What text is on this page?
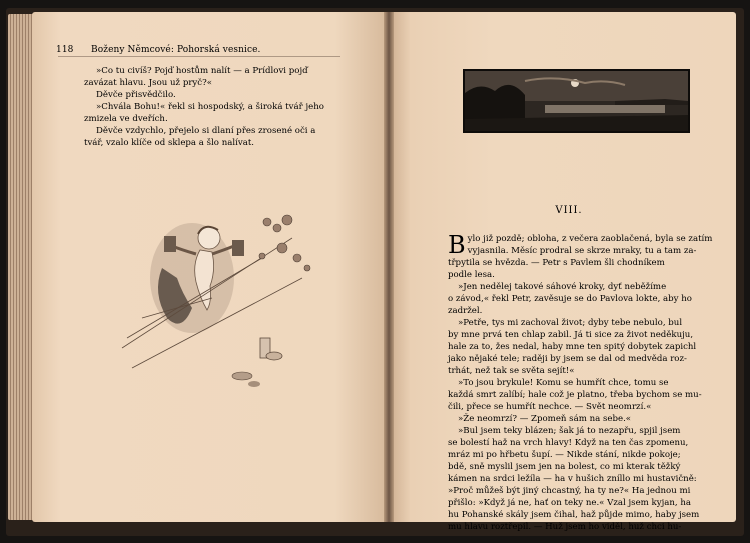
118 Boženy Němcové: Pohorská vesnice.
»Co tu civíš? Pojď hostům nalít — a Prídlovi pojď
zavázat hlavu. Jsou už pryč?«
Děvče přisvědčilo.
»Chvála Bohu!« řekl si hospodský, a široká tvář jeho
zmizela ve dveřích.
Děvče vzdychlo, přejelo si dlaní přes zrosené oči a
tvář, vzalo klíče od sklepa a šlo nalívat.
VIII.
B ylo již pozdě; obloha, z večera zaoblačená, byla se zatím
vyjasnila. Měsíc prodral se skrze mraky, tu a tam za-
třpytila se hvězda. — Petr s Pavlem šli chodníkem
podle lesa.
»Jen nedělej takové sáhové kroky, dyť neběžíme
o závod,« řekl Petr, zavěsuje se do Pavlova lokte, aby ho
zadržel.
»Petře, tys mi zachoval život; dyby tebe nebulo, bul
by mne prvá ten chlap zabil. Já ti sice za život neděkuju,
hale za to, žes nedal, haby mne ten spitý dobytek zapichl
jako nějaké tele; raději by jsem se dal od medvěda roz-
trhát, než tak se světa sejít!«
»To jsou brykule! Komu se humřít chce, tomu se
každá smrt zalíbí; hale což je platno, třeba bychom se mu-
čili, přece se humřít nechce. — Svět neomrzí.«
»Že neomrzí? — Zpomeň sám na sebe.«
»Bul jsem teky blázen; šak já to nezapřu, spjil jsem
se bolestí haž na vrch hlavy! Když na ten čas zpomenu,
mráz mi po hřbetu šupí. — Nikde stání, nikde pokoje;
bdě, sně myslil jsem jen na bolest, co mi kterak těžký
kámen na srdci ležíla — ha v hušich zníllo mi hustavičně:
»Proč můžeš být jiný chcastný, ha ty ne?« Ha jednou mi
přišlo: »Když já ne, hať on teky ne.« Vzal jsem kyjan, ha
hu Pohanské skály jsem čihal, haž půjde mimo, haby jsem
mu hlavu roztřepil. — Huž jsem ho viděl, huž chci hu-
